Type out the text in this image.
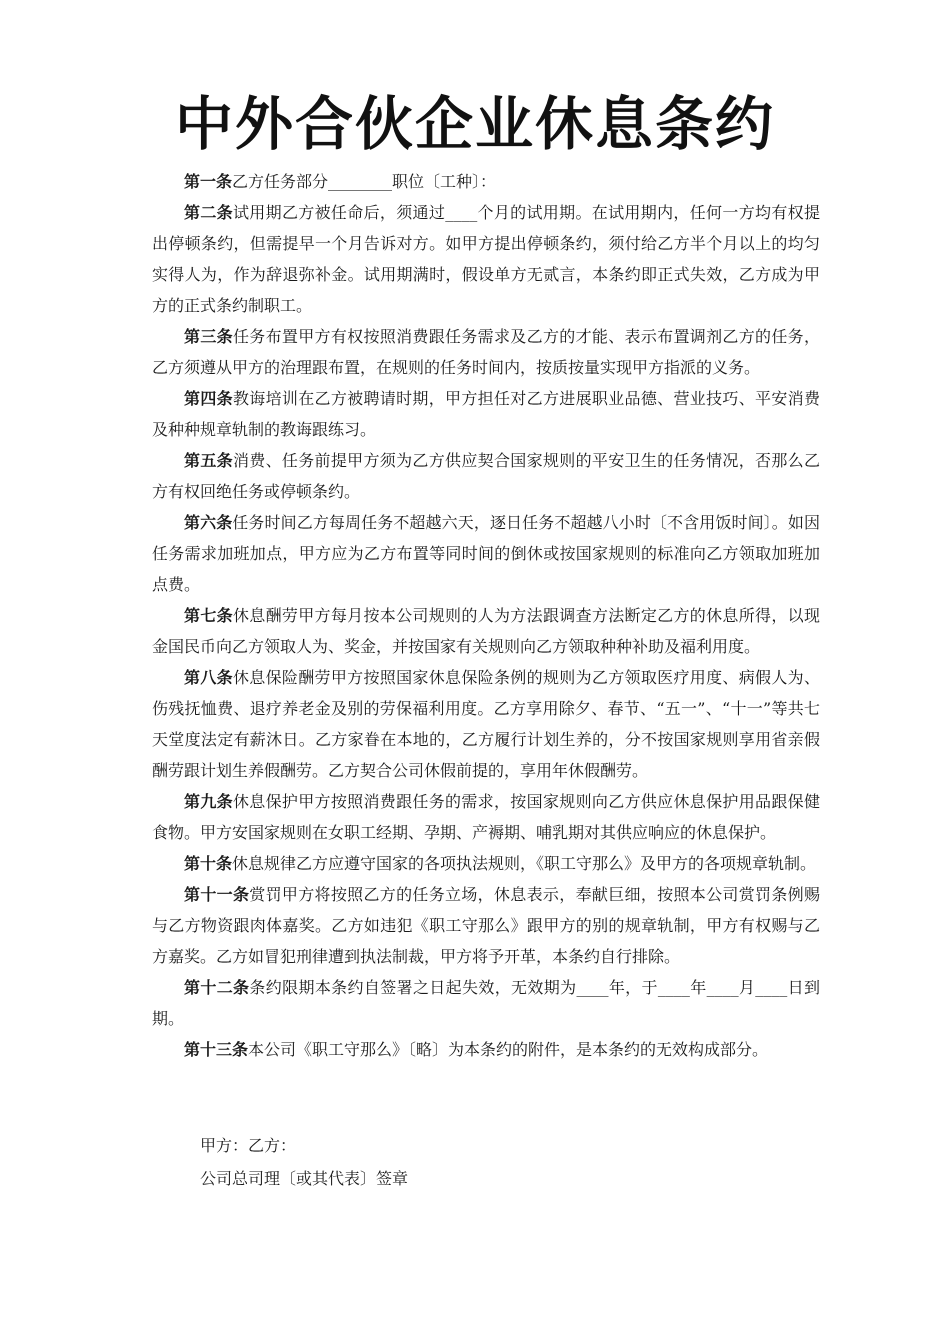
中外合伙企业休息条约

第一条乙方任务部分________职位〔工种〕：

第二条试用期乙方被任命后，须通过____个月的试用期。在试用期内，任何一方均有权提出停顿条约，但需提早一个月告诉对方。如甲方提出停顿条约，须付给乙方半个月以上的均匀实得人为，作为辞退弥补金。试用期满时，假设单方无贰言，本条约即正式失效，乙方成为甲方的正式条约制职工。

第三条任务布置甲方有权按照消费跟任务需求及乙方的才能、表示布置调剂乙方的任务，乙方须遵从甲方的治理跟布置，在规则的任务时间内，按质按量实现甲方指派的义务。

第四条教诲培训在乙方被聘请时期，甲方担任对乙方进展职业品德、营业技巧、平安消费及种种规章轨制的教诲跟练习。

第五条消费、任务前提甲方须为乙方供应契合国家规则的平安卫生的任务情况，否那么乙方有权回绝任务或停顿条约。

第六条任务时间乙方每周任务不超越六天，逐日任务不超越八小时〔不含用饭时间〕。如因任务需求加班加点，甲方应为乙方布置等同时间的倒休或按国家规则的标准向乙方领取加班加点费。

第七条休息酬劳甲方每月按本公司规则的人为方法跟调查方法断定乙方的休息所得，以现金国民币向乙方领取人为、奖金，并按国家有关规则向乙方领取种种补助及福利用度。

第八条休息保险酬劳甲方按照国家休息保险条例的规则为乙方领取医疗用度、病假人为、伤残抚恤费、退疗养老金及别的劳保福利用度。乙方享用除夕、春节、“五一”、“十一”等共七天堂度法定有薪沐日。乙方家眷在本地的，乙方履行计划生养的，分不按国家规则享用省亲假酬劳跟计划生养假酬劳。乙方契合公司休假前提的，享用年休假酬劳。

第九条休息保护甲方按照消费跟任务的需求，按国家规则向乙方供应休息保护用品跟保健食物。甲方安国家规则在女职工经期、孕期、产褥期、哺乳期对其供应响应的休息保护。

第十条休息规律乙方应遵守国家的各项执法规则，《职工守那么》及甲方的各项规章轨制。

第十一条赏罚甲方将按照乙方的任务立场，休息表示，奉献巨细，按照本公司赏罚条例赐与乙方物资跟肉体嘉奖。乙方如违犯《职工守那么》跟甲方的别的规章轨制，甲方有权赐与乙方嘉奖。乙方如冒犯刑律遭到执法制裁，甲方将予开革，本条约自行排除。

第十二条条约限期本条约自签署之日起失效，无效期为____年，于____年____月____日到期。

第十三条本公司《职工守那么》〔略〕为本条约的附件，是本条约的无效构成部分。

甲方：乙方：
公司总司理〔或其代表〕签章
